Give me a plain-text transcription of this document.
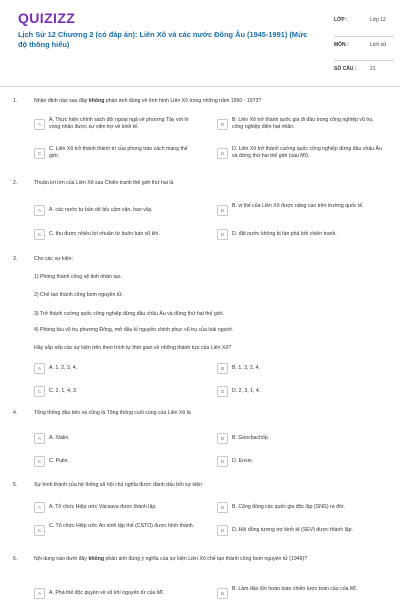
QUIZIZZ
Lịch Sử 12 Chương 2 (có đáp án): Liên Xô và các nước Đông Âu (1945-1991) (Mức độ thông hiểu)
LỚP :	Lớp 12
MÔN :	Lịch sử
SỐ CÂU :	21
1.	Nhận định nào sau đây không phản ánh đúng về tình hình Liên Xô trong những năm 1950 - 1973?
A
A. Thực hiện chính sách đối ngoại ngả về phương Tây với hi vọng nhận được sự viện trợ về kinh tế.	B
B. Liên Xô trở thành quốc gia đi đầu trong công nghiệp vũ trụ, công nghiệp điện hạt nhân.
C
C. Liên Xô trở thành thành trì của phong trào cách mạng thế giới.	D
D. Liên Xô trở thành cường quốc công nghiệp đứng đầu châu Âu và đứng thứ hai thế giới (sau Mĩ).
2.	Thuận lợi lớn của Liên Xô sau Chiến tranh thế giới thứ hai là
A	A. các nước tư bản dè bỉu cấm vận, bao vây.	B
B. vị thế của Liên Xô được nâng cao trên trường quốc tế.
C	C. thu được nhiều lợi nhuận từ buôn bán vũ khí.	D	D. đất nước không bị tàn phá bởi chiến tranh.
3.	Cho các sự kiện:
1) Phóng thành công vệ tinh nhân tạo.
2) Chế tạo thành công bom nguyên tử.
3) Trở thành cường quốc công nghiệp đứng đầu châu Âu và đứng thứ hai thế giới.
4) Phóng tàu vũ trụ phương Đông, mở đầu kỉ nguyên chinh phục vũ trụ của loài người.
Hãy sắp xếp các sự kiện trên theo trình tự thời gian về những thành tựu của Liên Xô?
A	A. 1, 2, 3, 4.	B	B. 1, 3, 2, 4.
C	C. 2, 1, 4, 3.	D	D. 2, 3, 1, 4.
4.	Tổng thống đầu tiên và cũng là Tổng thống cuối cùng của Liên Xô là
A	A. Xtalin.	B	B. Gooсbachốp.
C	C. Putin.	D	D. Enxin.
5.	Sự hình thành của hệ thống xã hội chủ nghĩa được đánh dấu bởi sự kiện
A	A. Tổ chức Hiệp ước Vácsava được thành lập.	B	B. Cộng đồng các quốc gia độc lập (SNG) ra đời.
C
C. Tổ chức Hiệp ước An ninh tập thể (CSTO) được hình thành.
D	D. Hội đồng tương trợ kinh tế (SEV) được thành lập.
6.	Nội dung nào dưới đây không phản ánh đúng ý nghĩa của sự kiện Liên Xô chế tạo thành công bom nguyên tử (1949)?
A	A. Phá thế độc quyền về vũ khí nguyên tử của Mĩ.	B
B. Làm đảo lộn hoàn toàn chiến lược toàn cầu của Mĩ.
